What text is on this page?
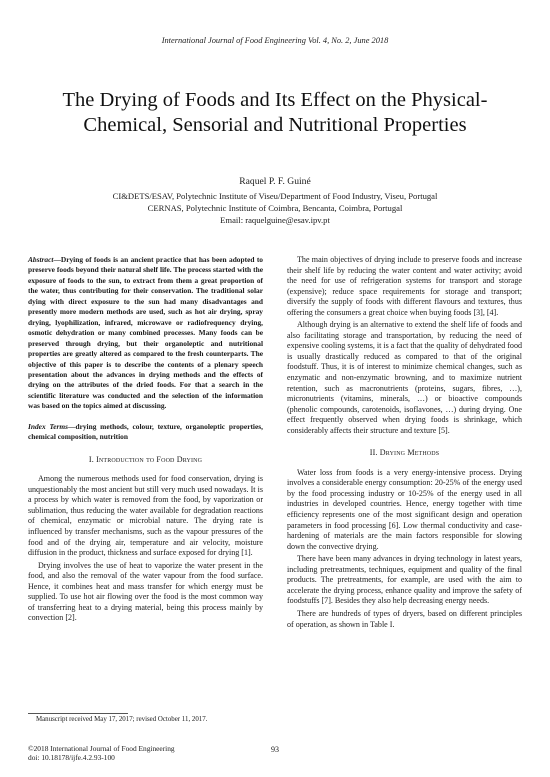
International Journal of Food Engineering Vol. 4, No. 2, June 2018
The Drying of Foods and Its Effect on the Physical-Chemical, Sensorial and Nutritional Properties
Raquel P. F. Guiné
CI&DETS/ESAV, Polytechnic Institute of Viseu/Department of Food Industry, Viseu, Portugal
CERNAS, Polytechnic Institute of Coimbra, Bencanta, Coimbra, Portugal
Email: raquelguine@esav.ipv.pt

Abstract—Drying of foods is an ancient practice that has been adopted to preserve foods beyond their natural shelf life. The process started with the exposure of foods to the sun, to extract from them a great proportion of the water, thus contributing for their conservation. The traditional solar dying with direct exposure to the sun had many disadvantages and presently more modern methods are used, such as hot air drying, spray drying, lyophilization, infrared, microwave or radiofrequency drying, osmotic dehydration or many combined processes. Many foods can be preserved through drying, but their organoleptic and nutritional properties are greatly altered as compared to the fresh counterparts. The objective of this paper is to describe the contents of a plenary speech presentation about the advances in drying methods and the effects of drying on the attributes of the dried foods. For that a search in the scientific literature was conducted and the selection of the information was based on the topics aimed at discussing.

Index Terms—drying methods, colour, texture, organoleptic properties, chemical composition, nutrition

I. Introduction to Food Drying

Among the numerous methods used for food conservation, drying is unquestionably the most ancient but still very much used nowadays. It is a process by which water is removed from the food, by vaporization or sublimation, thus reducing the water available for degradation reactions of chemical, enzymatic or microbial nature. The drying rate is influenced by transfer mechanisms, such as the vapour pressures of the food and of the drying air, temperature and air velocity, moisture diffusion in the product, thickness and surface exposed for drying [1].

Drying involves the use of heat to vaporize the water present in the food, and also the removal of the water vapour from the food surface. Hence, it combines heat and mass transfer for which energy must be supplied. To use hot air flowing over the food is the most common way of transferring heat to a drying material, being this process mainly by convection [2].

The main objectives of drying include to preserve foods and increase their shelf life by reducing the water content and water activity; avoid the need for use of refrigeration systems for transport and storage (expensive); reduce space requirements for storage and transport; diversify the supply of foods with different flavours and textures, thus offering the consumers a great choice when buying foods [3], [4].

Although drying is an alternative to extend the shelf life of foods and also facilitating storage and transportation, by reducing the need of expensive cooling systems, it is a fact that the quality of dehydrated food is usually drastically reduced as compared to that of the original foodstuff. Thus, it is of interest to minimize chemical changes, such as enzymatic and non-enzymatic browning, and to maximize nutrient retention, such as macronutrients (proteins, sugars, fibres, …), micronutrients (vitamins, minerals, …) or bioactive compounds (phenolic compounds, carotenoids, isoflavones, …) during drying. One effect frequently observed when drying foods is shrinkage, which considerably affects their structure and texture [5].

II. Drying Methods

Water loss from foods is a very energy-intensive process. Drying involves a considerable energy consumption: 20-25% of the energy used by the food processing industry or 10-25% of the energy used in all industries in developed countries. Hence, energy together with time efficiency represents one of the most significant design and operation parameters in food processing [6]. Low thermal conductivity and case-hardening of materials are the main factors responsible for slowing down the convective drying.

There have been many advances in drying technology in latest years, including pretreatments, techniques, equipment and quality of the final products. The pretreatments, for example, are used with the aim to accelerate the drying process, enhance quality and improve the safety of foodstuffs [7]. Besides they also help decreasing energy needs.

There are hundreds of types of dryers, based on different principles of operation, as shown in Table I.

Manuscript received May 17, 2017; revised October 11, 2017.
©2018 International Journal of Food Engineering
doi: 10.18178/ijfe.4.2.93-100
93
